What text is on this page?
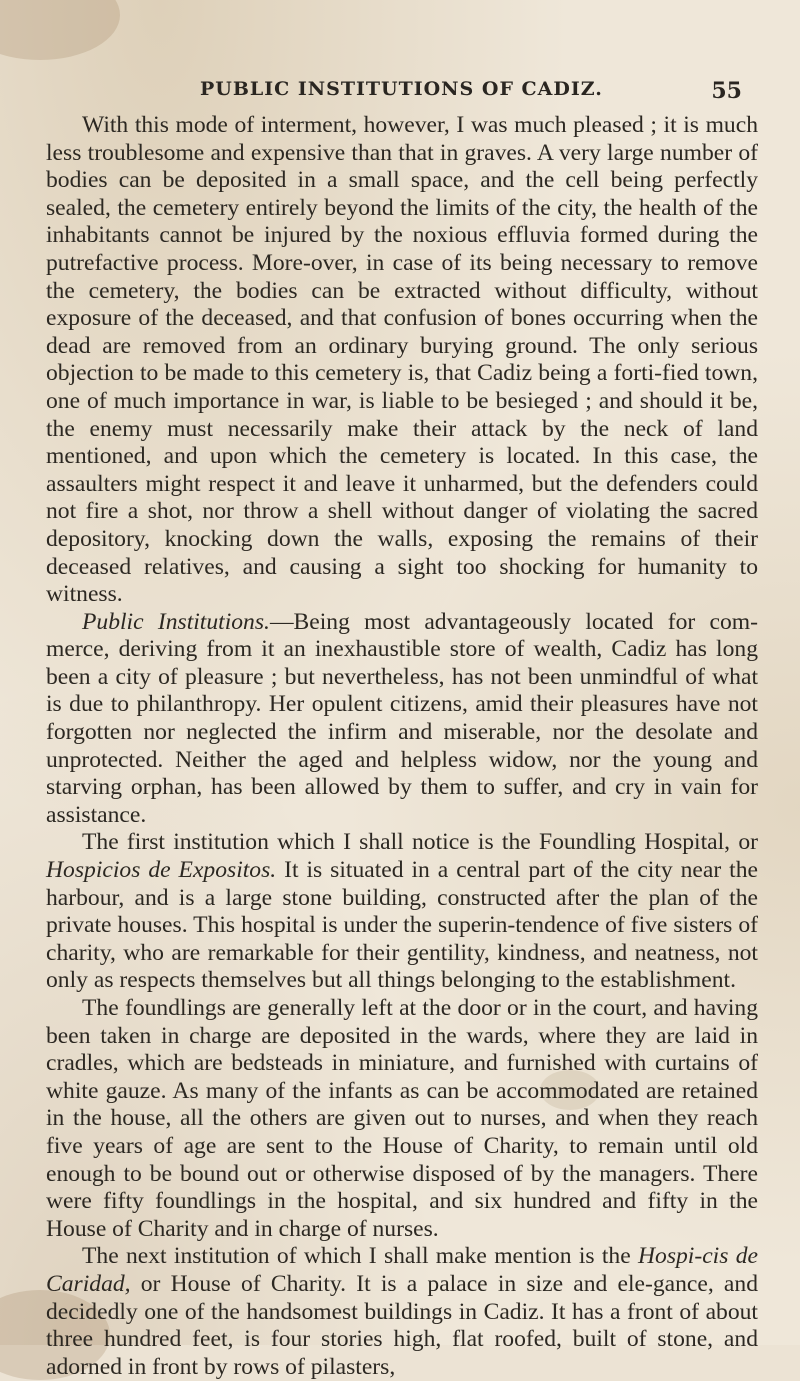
PUBLIC INSTITUTIONS OF CADIZ.	55

With this mode of interment, however, I was much pleased ; it is much less troublesome and expensive than that in graves. A very large number of bodies can be deposited in a small space, and the cell being perfectly sealed, the cemetery entirely beyond the limits of the city, the health of the inhabitants cannot be injured by the noxious effluvia formed during the putrefactive process. More-over, in case of its being necessary to remove the cemetery, the bodies can be extracted without difficulty, without exposure of the deceased, and that confusion of bones occurring when the dead are removed from an ordinary burying ground. The only serious objection to be made to this cemetery is, that Cadiz being a forti-fied town, one of much importance in war, is liable to be besieged ; and should it be, the enemy must necessarily make their attack by the neck of land mentioned, and upon which the cemetery is located. In this case, the assaulters might respect it and leave it unharmed, but the defenders could not fire a shot, nor throw a shell without danger of violating the sacred depository, knocking down the walls, exposing the remains of their deceased relatives, and causing a sight too shocking for humanity to witness.

Public Institutions.—Being most advantageously located for com-merce, deriving from it an inexhaustible store of wealth, Cadiz has long been a city of pleasure ; but nevertheless, has not been unmindful of what is due to philanthropy. Her opulent citizens, amid their pleasures have not forgotten nor neglected the infirm and miserable, nor the desolate and unprotected. Neither the aged and helpless widow, nor the young and starving orphan, has been allowed by them to suffer, and cry in vain for assistance.

The first institution which I shall notice is the Foundling Hospital, or Hospicios de Expositos. It is situated in a central part of the city near the harbour, and is a large stone building, constructed after the plan of the private houses. This hospital is under the superin-tendence of five sisters of charity, who are remarkable for their gentility, kindness, and neatness, not only as respects themselves but all things belonging to the establishment.

The foundlings are generally left at the door or in the court, and having been taken in charge are deposited in the wards, where they are laid in cradles, which are bedsteads in miniature, and furnished with curtains of white gauze. As many of the infants as can be accommodated are retained in the house, all the others are given out to nurses, and when they reach five years of age are sent to the House of Charity, to remain until old enough to be bound out or otherwise disposed of by the managers. There were fifty foundlings in the hospital, and six hundred and fifty in the House of Charity and in charge of nurses.

The next institution of which I shall make mention is the Hospi-cis de Caridad, or House of Charity. It is a palace in size and ele-gance, and decidedly one of the handsomest buildings in Cadiz. It has a front of about three hundred feet, is four stories high, flat roofed, built of stone, and adorned in front by rows of pilasters,
